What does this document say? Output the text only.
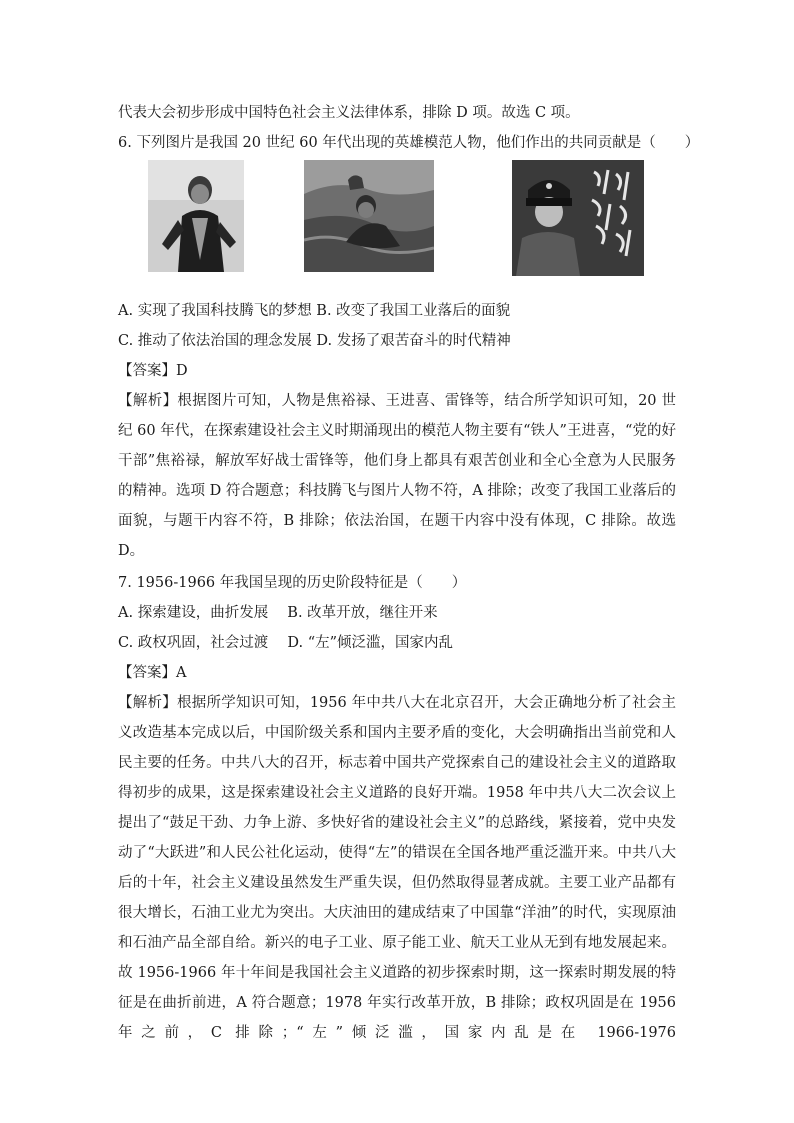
代表大会初步形成中国特色社会主义法律体系，排除 D 项。故选 C 项。

6. 下列图片是我国 20 世纪 60 年代出现的英雄模范人物，他们作出的共同贡献是（　　）

A. 实现了我国科技腾飞的梦想 B. 改变了我国工业落后的面貌

C. 推动了依法治国的理念发展 D. 发扬了艰苦奋斗的时代精神

【答案】D

【解析】根据图片可知，人物是焦裕禄、王进喜、雷锋等，结合所学知识可知，20 世纪 60 年代，在探索建设社会主义时期涌现出的模范人物主要有“铁人”王进喜，“党的好干部”焦裕禄，解放军好战士雷锋等，他们身上都具有艰苦创业和全心全意为人民服务的精神。选项 D 符合题意；科技腾飞与图片人物不符，A 排除；改变了我国工业落后的面貌，与题干内容不符，B 排除；依法治国，在题干内容中没有体现，C 排除。故选 D。

7. 1956-1966 年我国呈现的历史阶段特征是（　　）

A. 探索建设，曲折发展　 B. 改革开放，继往开来

C. 政权巩固，社会过渡　 D. “左”倾泛滥，国家内乱

【答案】A

【解析】根据所学知识可知，1956 年中共八大在北京召开，大会正确地分析了社会主义改造基本完成以后，中国阶级关系和国内主要矛盾的变化，大会明确指出当前党和人民主要的任务。中共八大的召开，标志着中国共产党探索自己的建设社会主义的道路取得初步的成果，这是探索建设社会主义道路的良好开端。1958 年中共八大二次会议上提出了“鼓足干劲、力争上游、多快好省的建设社会主义”的总路线，紧接着，党中央发动了“大跃进”和人民公社化运动，使得“左”的错误在全国各地严重泛滥开来。中共八大后的十年，社会主义建设虽然发生严重失误，但仍然取得显著成就。主要工业产品都有很大增长，石油工业尤为突出。大庆油田的建成结束了中国靠“洋油”的时代，实现原油和石油产品全部自给。新兴的电子工业、原子能工业、航天工业从无到有地发展起来。故 1956-1966 年十年间是我国社会主义道路的初步探索时期，这一探索时期发展的特征是在曲折前进，A 符合题意；1978 年实行改革开放，B 排除；政权巩固是在 1956 年之前，C 排除；“左”倾泛滥，国家内乱是在 1966-1976
